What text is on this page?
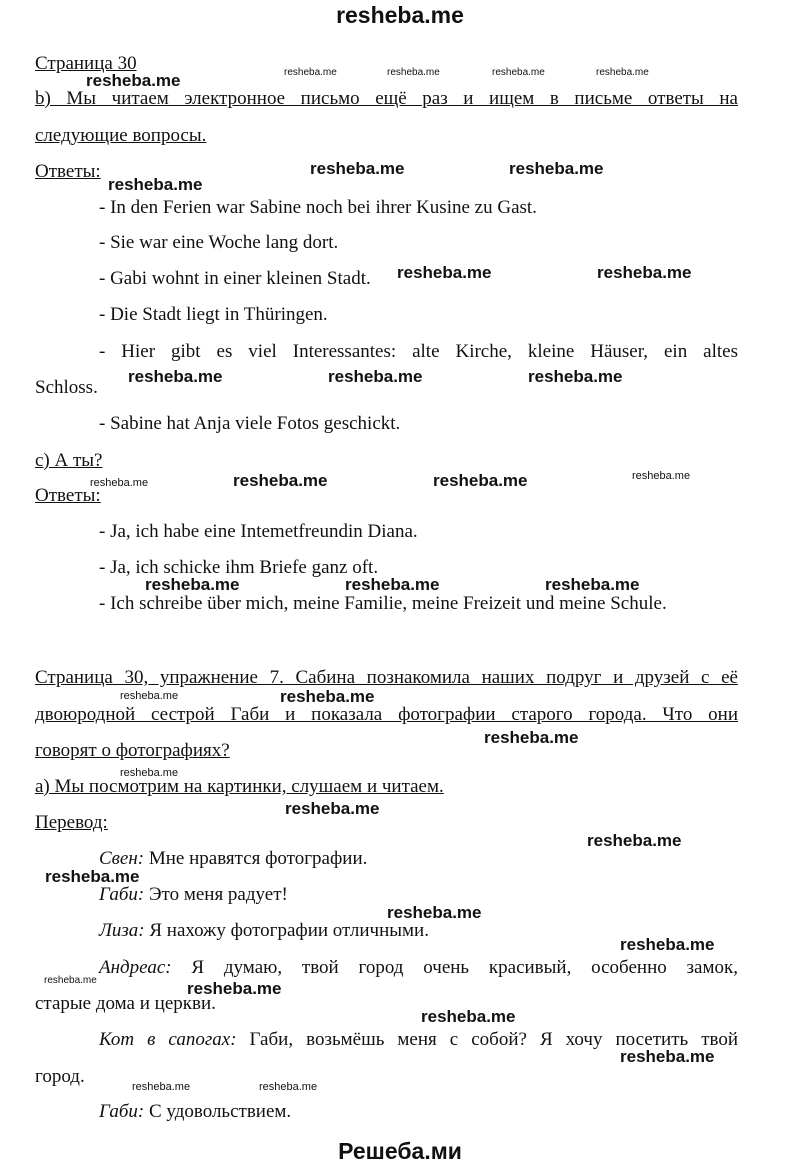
resheba.me
Решеба.ми
Страница 30
b) Мы читаем электронное письмо ещё раз и ищем в письме ответы на
следующие вопросы.
Ответы:
- In den Ferien war Sabine noch bei ihrer Kusine zu Gast.
- Sie war eine Woche lang dort.
- Gabi wohnt in einer kleinen Stadt.
- Die Stadt liegt in Thüringen.
- Hier gibt es viel Interessantes: alte Kirche, kleine Häuser, ein altes
Schloss.
- Sabine hat Anja viele Fotos geschickt.
c) А ты?
Ответы:
- Ja, ich habe eine Intemetfreundin Diana.
- Ja, ich schicke ihm Briefe ganz oft.
- Ich schreibe über mich, meine Familie, meine Freizeit und meine Schule.
Страница 30, упражнение 7. Сабина познакомила наших подруг и друзей с её
двоюродной сестрой Габи и показала фотографии старого города. Что они
говорят о фотографиях?
a) Мы посмотрим на картинки, слушаем и читаем.
Перевод:
Свен: Мне нравятся фотографии.
Габи: Это меня радует!
Лиза: Я нахожу фотографии отличными.
Андреас: Я думаю, твой город очень красивый, особенно замок,
старые дома и церкви.
Кот в сапогах: Габи, возьмёшь меня с собой? Я хочу посетить твой
город.
Габи: С удовольствием.
resheba.me	resheba.me	resheba.me	resheba.me	resheba.me
resheba.me	resheba.me
resheba.me
resheba.me	resheba.me
resheba.me	resheba.me	resheba.me
resheba.me	resheba.me	resheba.me	resheba.me
resheba.me	resheba.me	resheba.me
resheba.me	resheba.me
resheba.me
resheba.me
resheba.me
resheba.me
resheba.me
resheba.me
resheba.me
resheba.me	resheba.me
resheba.me
resheba.me
resheba.me	resheba.me
